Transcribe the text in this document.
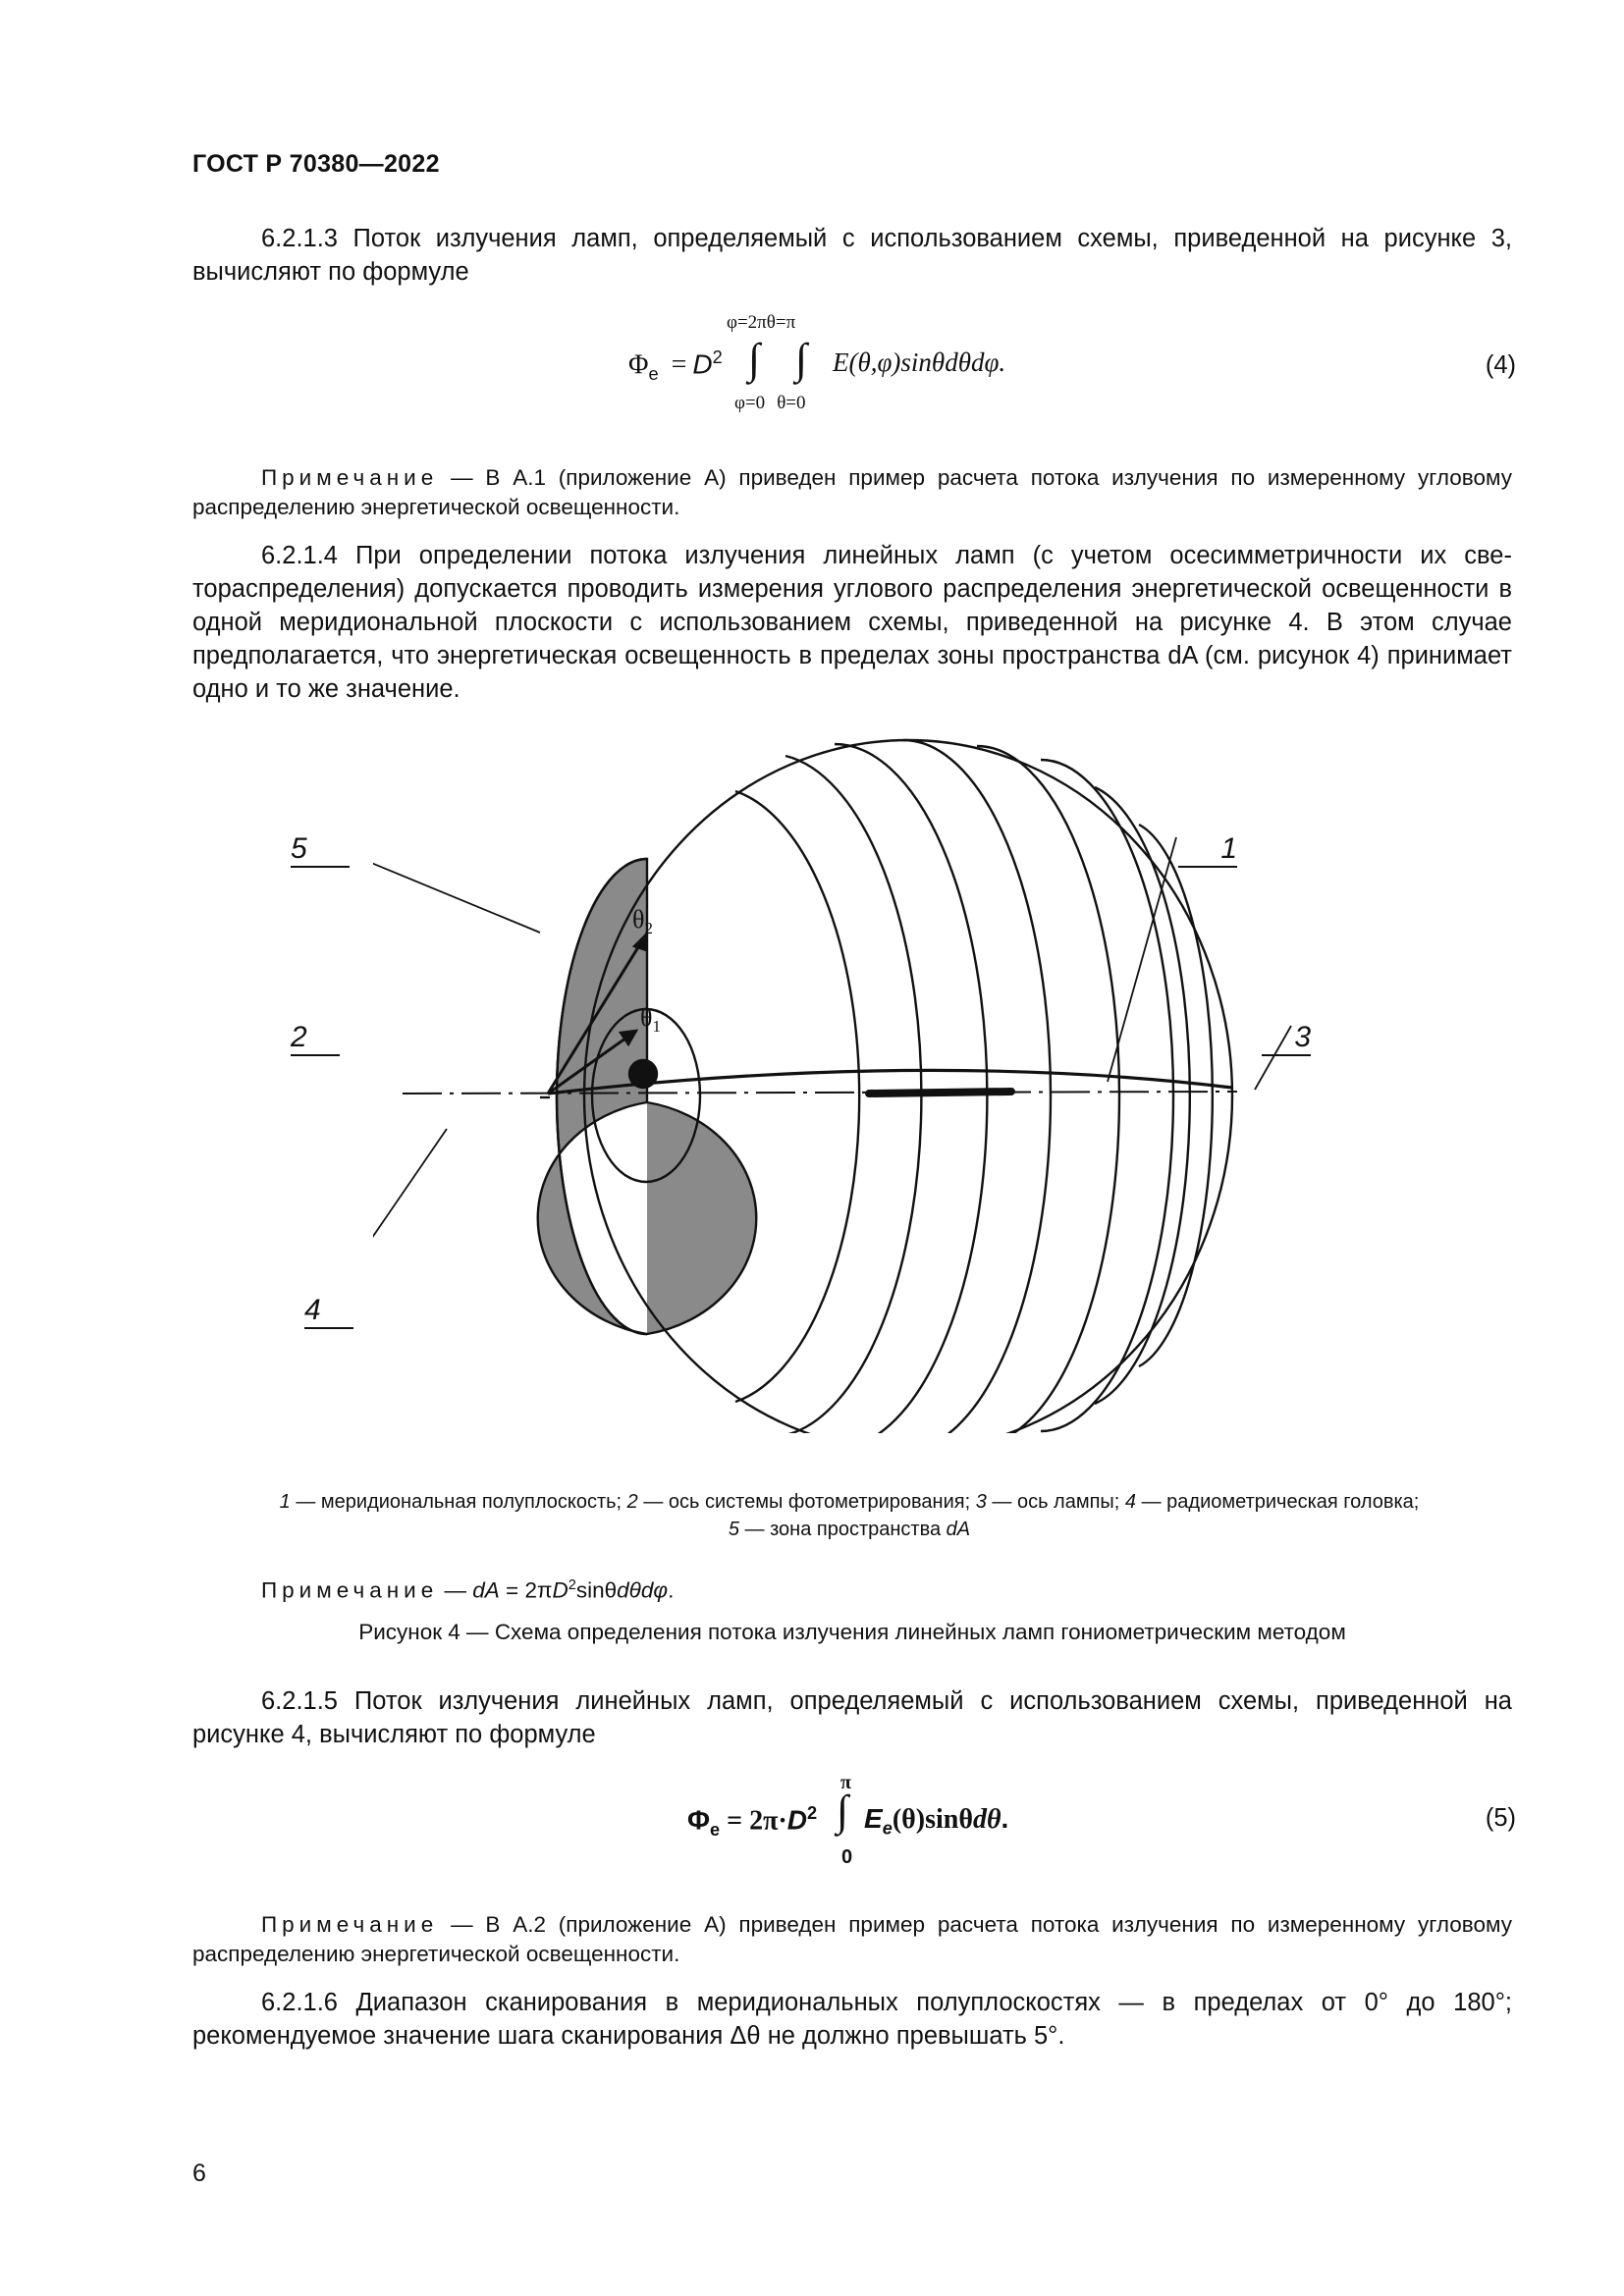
ГОСТ Р 70380—2022
6.2.1.3 Поток излучения ламп, определяемый с использованием схемы, приведенной на рисунке 3, вычисляют по формуле
$\Phi_e = D^2$
φ=2πθ=π
∫ ∫
φ=0 θ=0
E(θ,φ)sinθdθdφ.	(4)
Примечание — В А.1 (приложение А) приведен пример расчета потока излучения по измеренному угловому распределению энергетической освещенности.
6.2.1.4 При определении потока излучения линейных ламп (с учетом осесимметричности их светораспределения) допускается проводить измерения углового распределения энергетической освещенности в одной меридиональной плоскости с использованием схемы, приведенной на рисунке 4. В этом случае предполагается, что энергетическая освещенность в пределах зоны пространства dA (см. рисунок 4) принимает одно и то же значение.
5	1
2	3
4
$\theta_2$
$\theta_1$
1 — меридиональная полуплоскость; 2 — ось системы фотометрирования; 3 — ось лампы; 4 — радиометрическая головка;
5 — зона пространства dA
Примечание — dA = $2\pi D^2\sin\theta d\theta d\varphi$.
Рисунок 4 — Схема определения потока излучения линейных ламп гониометрическим методом
6.2.1.5 Поток излучения линейных ламп, определяемый с использованием схемы, приведенной на рисунке 4, вычисляют по формуле
$\Phi_e = 2\pi\cdot D^2$
π
∫
0
$E_e(\theta)\sin\theta d\theta$.	(5)
Примечание — В А.2 (приложение А) приведен пример расчета потока излучения по измеренному угловому распределению энергетической освещенности.
6.2.1.6 Диапазон сканирования в меридиональных полуплоскостях — в пределах от 0° до 180°; рекомендуемое значение шага сканирования Δθ не должно превышать 5°.
6
